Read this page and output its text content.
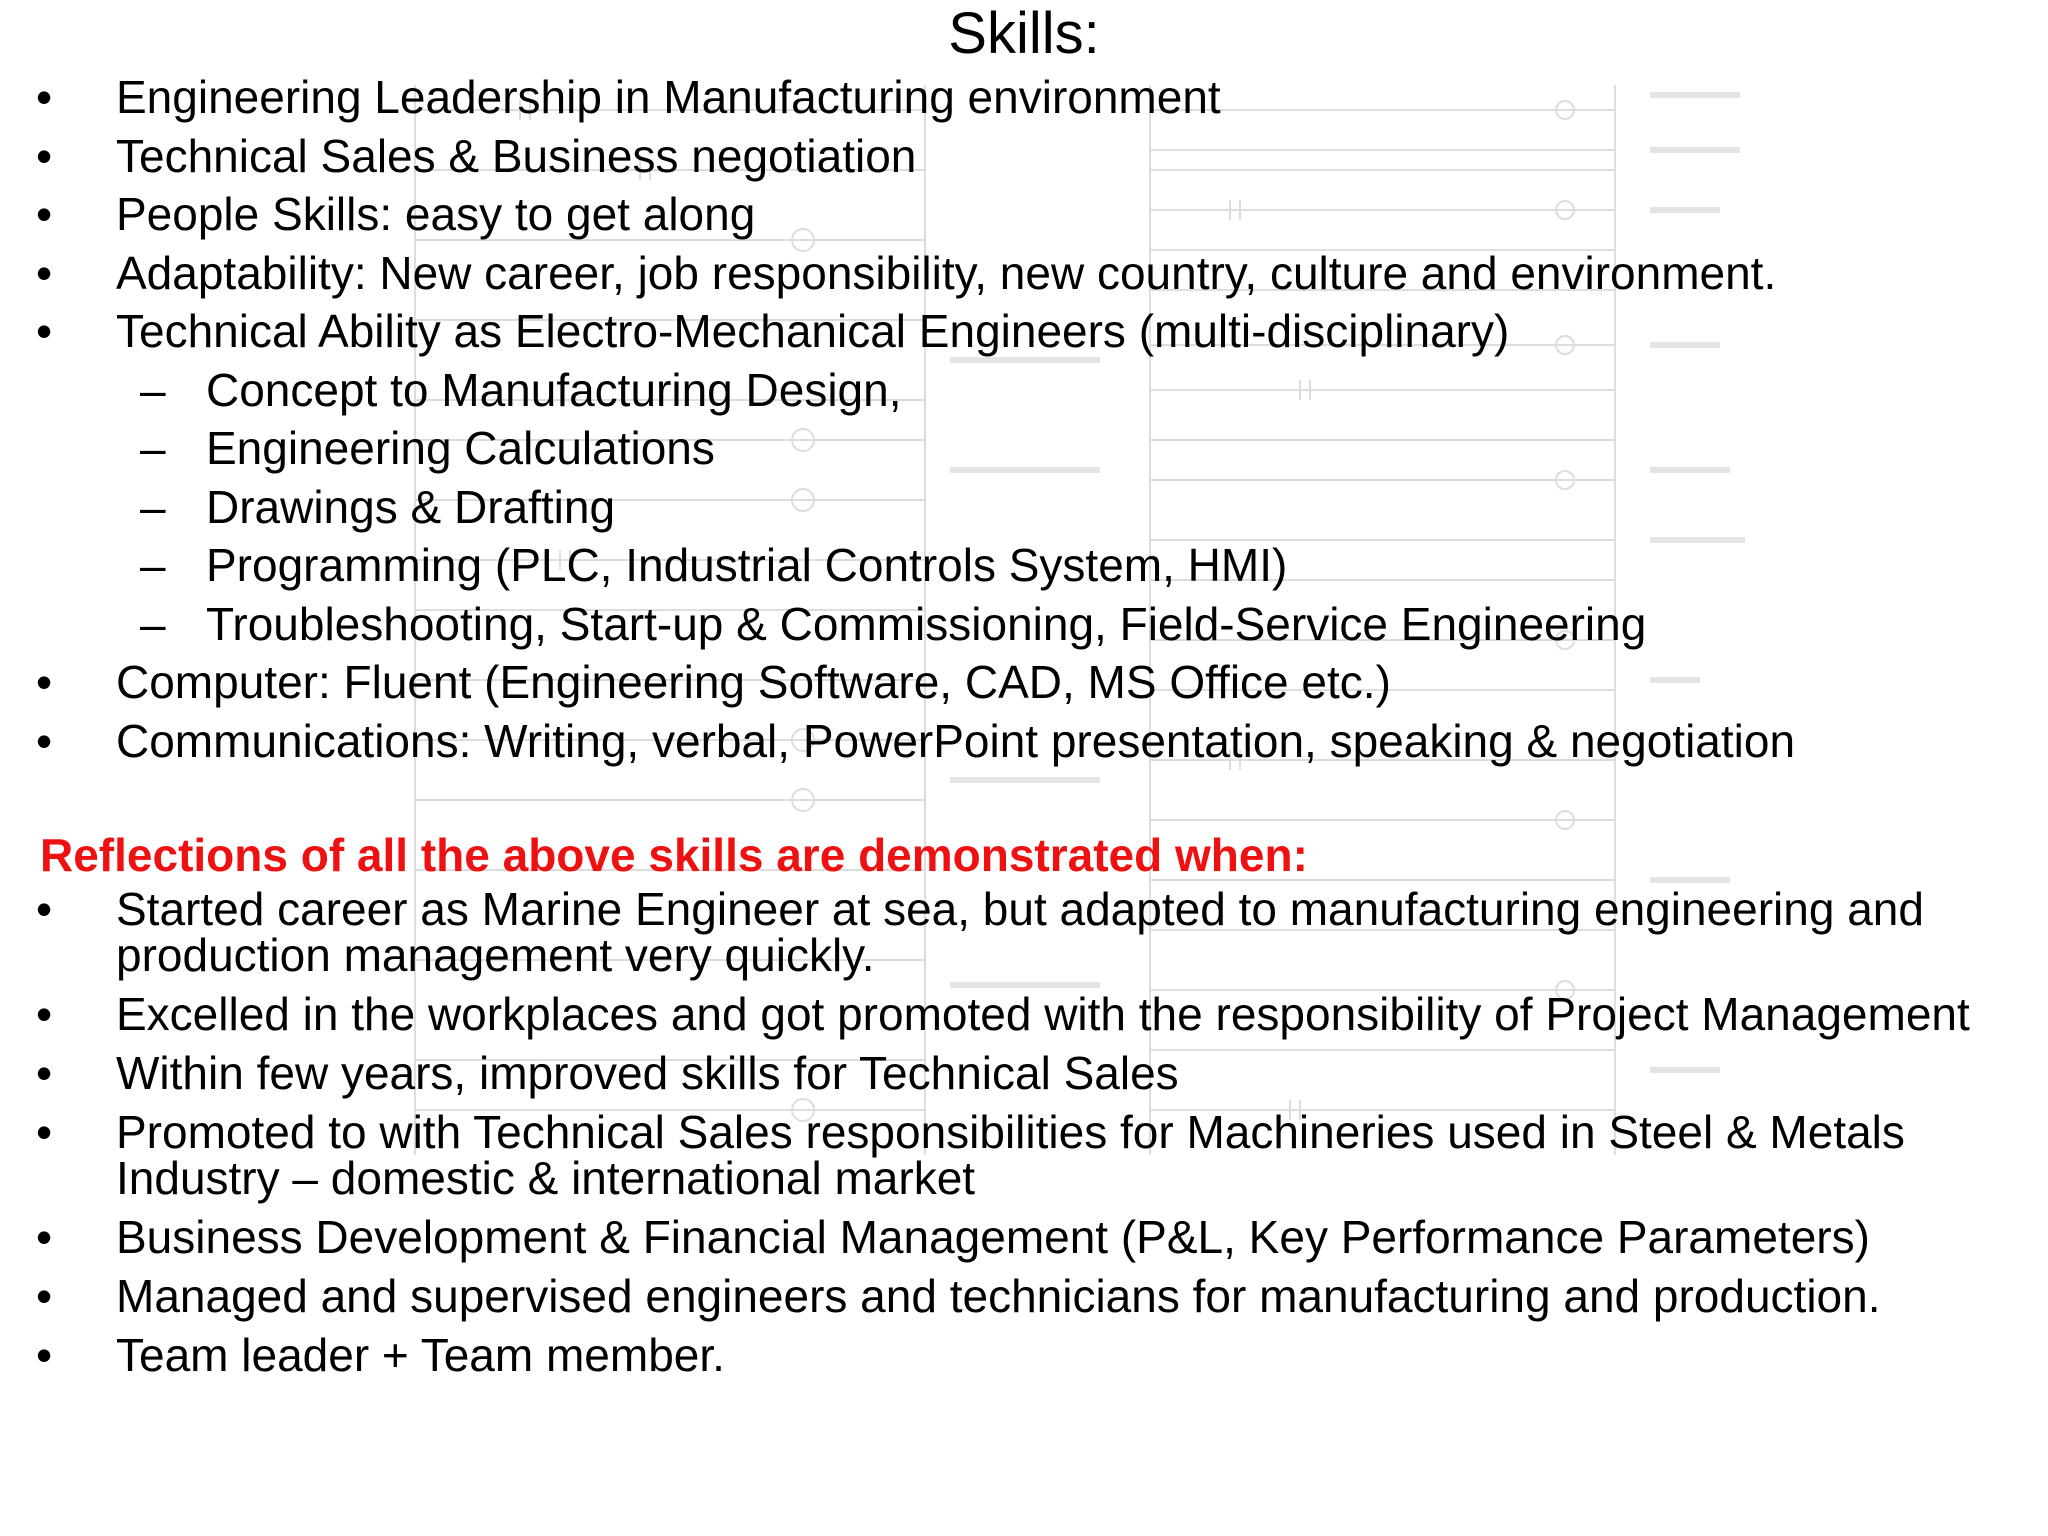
Skills:
• Engineering Leadership in Manufacturing environment
• Technical Sales & Business negotiation
• People Skills: easy to get along
• Adaptability: New career, job responsibility, new country, culture and environment.
• Technical Ability as Electro-Mechanical Engineers (multi-disciplinary)
– Concept to Manufacturing Design,
– Engineering Calculations
– Drawings & Drafting
– Programming (PLC, Industrial Controls System, HMI)
– Troubleshooting, Start-up & Commissioning, Field-Service Engineering
• Computer: Fluent (Engineering Software, CAD, MS Office etc.)
• Communications: Writing, verbal, PowerPoint presentation, speaking & negotiation
Reflections of all the above skills are demonstrated when:
• Started career as Marine Engineer at sea, but adapted to manufacturing engineering and production management very quickly.
• Excelled in the workplaces and got promoted with the responsibility of Project Management
• Within few years, improved skills for Technical Sales
• Promoted to with Technical Sales responsibilities for Machineries used in Steel & Metals Industry – domestic & international market
• Business Development & Financial Management (P&L, Key Performance Parameters)
• Managed and supervised engineers and technicians for manufacturing and production.
• Team leader + Team member.
